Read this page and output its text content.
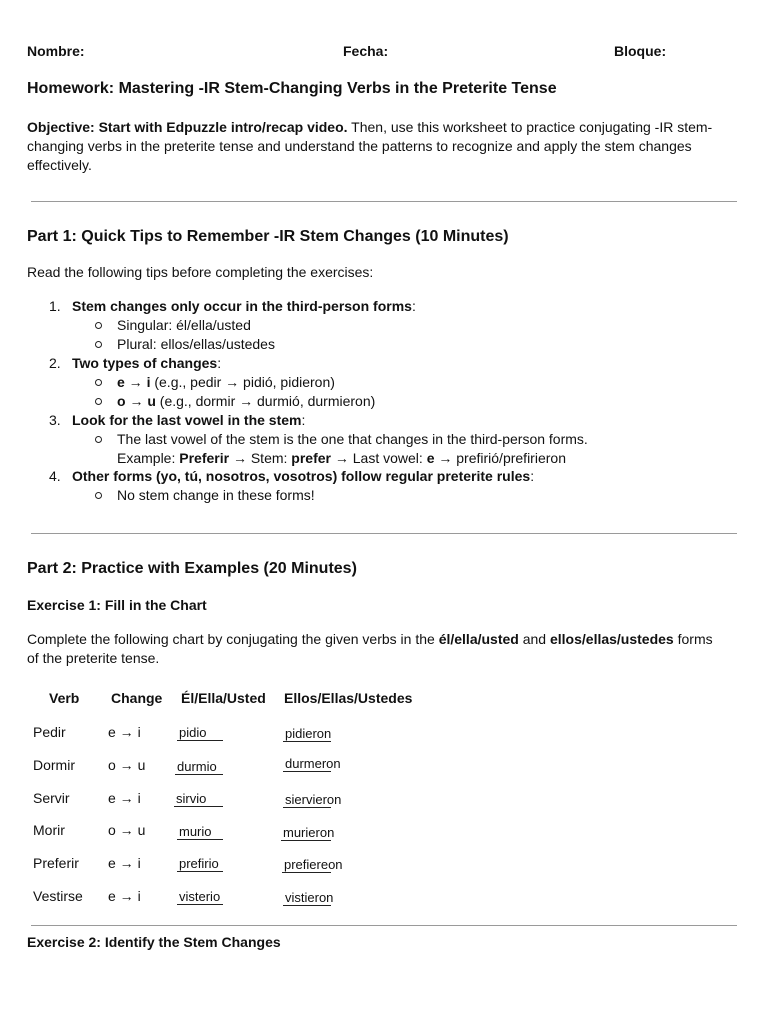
Nombre:	Fecha:	Bloque:
Homework: Mastering -IR Stem-Changing Verbs in the Preterite Tense
Objective: Start with Edpuzzle intro/recap video. Then, use this worksheet to practice conjugating -IR stem-changing verbs in the preterite tense and understand the patterns to recognize and apply the stem changes effectively.
Part 1: Quick Tips to Remember -IR Stem Changes (10 Minutes)
Read the following tips before completing the exercises:
1. Stem changes only occur in the third-person forms:
Singular: él/ella/usted
Plural: ellos/ellas/ustedes
2. Two types of changes:
e → i (e.g., pedir → pidió, pidieron)
o → u (e.g., dormir → durmió, durmieron)
3. Look for the last vowel in the stem:
The last vowel of the stem is the one that changes in the third-person forms.
Example: Preferir → Stem: prefer → Last vowel: e → prefirió/prefirieron
4. Other forms (yo, tú, nosotros, vosotros) follow regular preterite rules:
No stem change in these forms!
Part 2: Practice with Examples (20 Minutes)
Exercise 1: Fill in the Chart
Complete the following chart by conjugating the given verbs in the él/ella/usted and ellos/ellas/ustedes forms of the preterite tense.
Verb Change Él/Ella/Usted Ellos/Ellas/Ustedes
Pedir	e → i	pidio	pidieron
Dormir o → u durmio	durmeron
Servir	e → i	sirvio	siervieron
Morir	o → u	murio	murieron
Preferir e → i	prefirio	prefiereon
Vestirse e → i	visterio	vistieron
Exercise 2: Identify the Stem Changes
